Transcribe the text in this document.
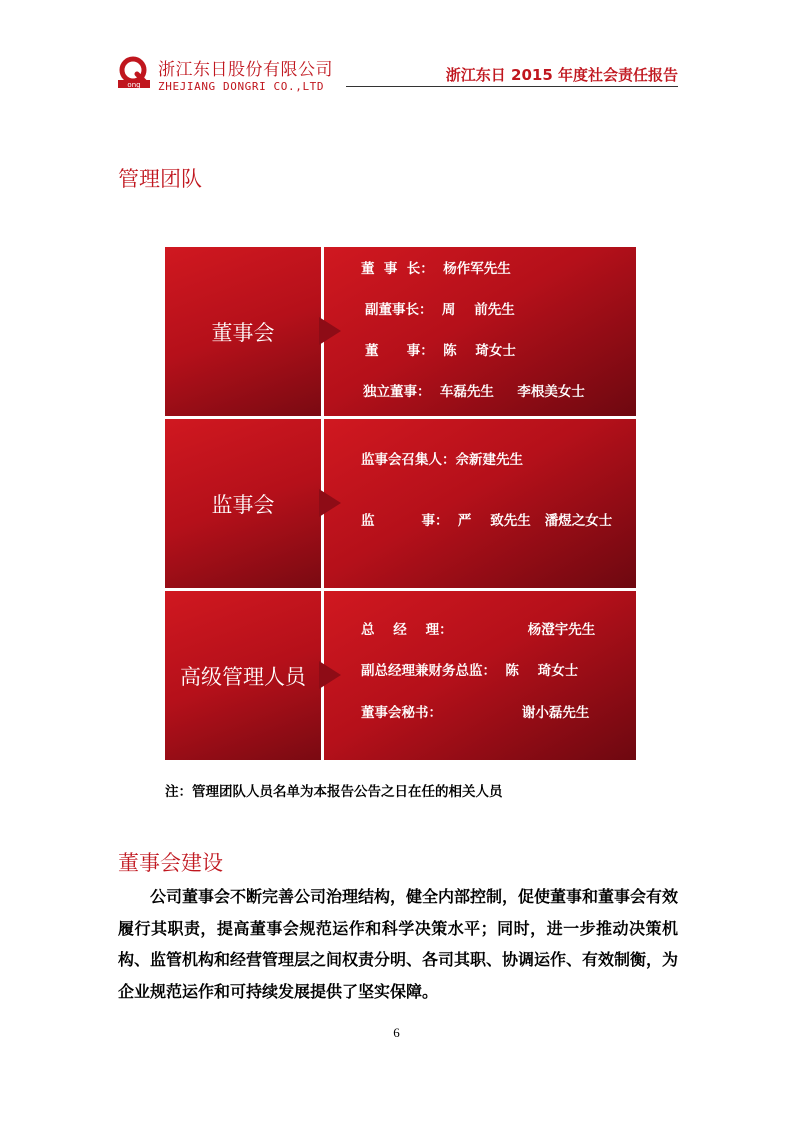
ong
浙江东日股份有限公司
ZHEJIANG DONGRI CO.,LTD
浙江东日 2015 年度社会责任报告
管理团队
董事会
董  事  长：  杨作军先生
副董事长：  周    前先生
董      事：  陈    琦女士
独立董事：  车磊先生     李根美女士
监事会
监事会召集人：佘新建先生
监          事：  严    致先生   潘煜之女士
高级管理人员
总    经    理：                杨澄宇先生
副总经理兼财务总监：  陈    琦女士
董事会秘书：                 谢小磊先生
注：管理团队人员名单为本报告公告之日在任的相关人员
董事会建设
公司董事会不断完善公司治理结构，健全内部控制，促使董事和董事会有效履行其职责，提高董事会规范运作和科学决策水平；同时，进一步推动决策机构、监管机构和经营管理层之间权责分明、各司其职、协调运作、有效制衡，为企业规范运作和可持续发展提供了坚实保障。
6
